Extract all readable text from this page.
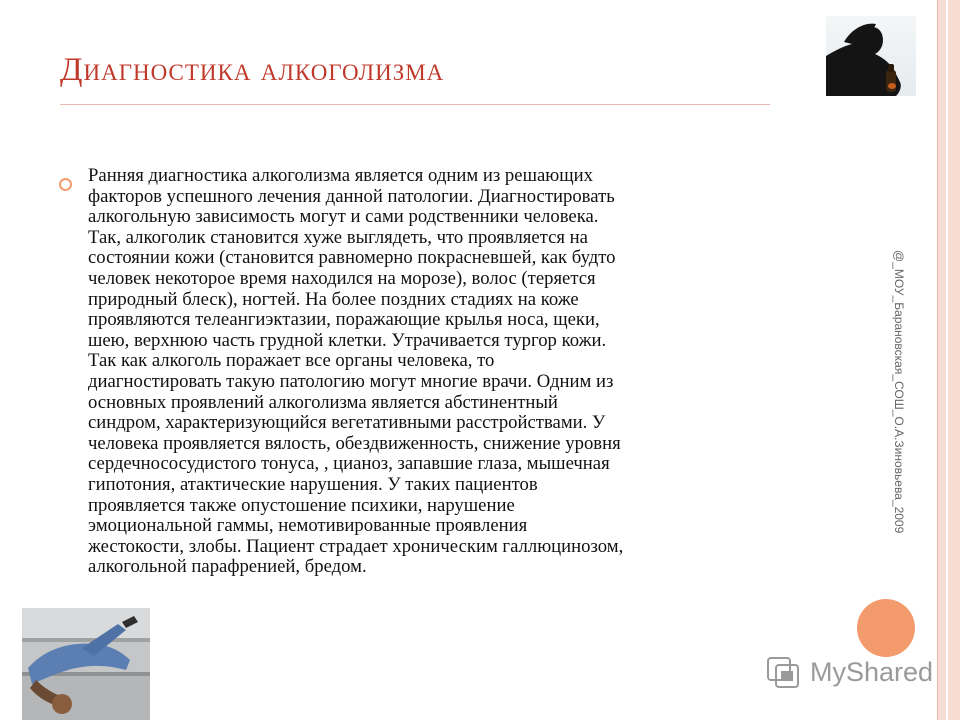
Диагностика алкоголизма
Ранняя диагностика алкоголизма является одним из решающих
факторов успешного лечения данной патологии. Диагностировать
алкогольную зависимость могут и сами родственники человека.
Так, алкоголик становится хуже выглядеть, что проявляется на
состоянии кожи (становится равномерно покрасневшей, как будто
человек некоторое время находился на морозе), волос (теряется
природный блеск), ногтей. На более поздних стадиях на коже
проявляются телеангиэктазии, поражающие крылья носа, щеки,
шею, верхнюю часть грудной клетки. Утрачивается тургор кожи.
Так как алкоголь поражает все органы человека, то
диагностировать такую патологию могут многие врачи. Одним из
основных проявлений алкоголизма является абстинентный
синдром, характеризующийся вегетативными расстройствами. У
человека проявляется вялость, обездвиженность, снижение уровня
сердечнососудистого тонуса, , цианоз, запавшие глаза, мышечная
гипотония, атактические нарушения. У таких пациентов
проявляется также опустошение психики, нарушение
эмоциональной гаммы, немотивированные проявления
жестокости, злобы. Пациент страдает хроническим галлюцинозом,
алкогольной парафренией, бредом.
@_МОУ_Барановская_СОШ_О.А.Зиновьева_2009
MyShared
